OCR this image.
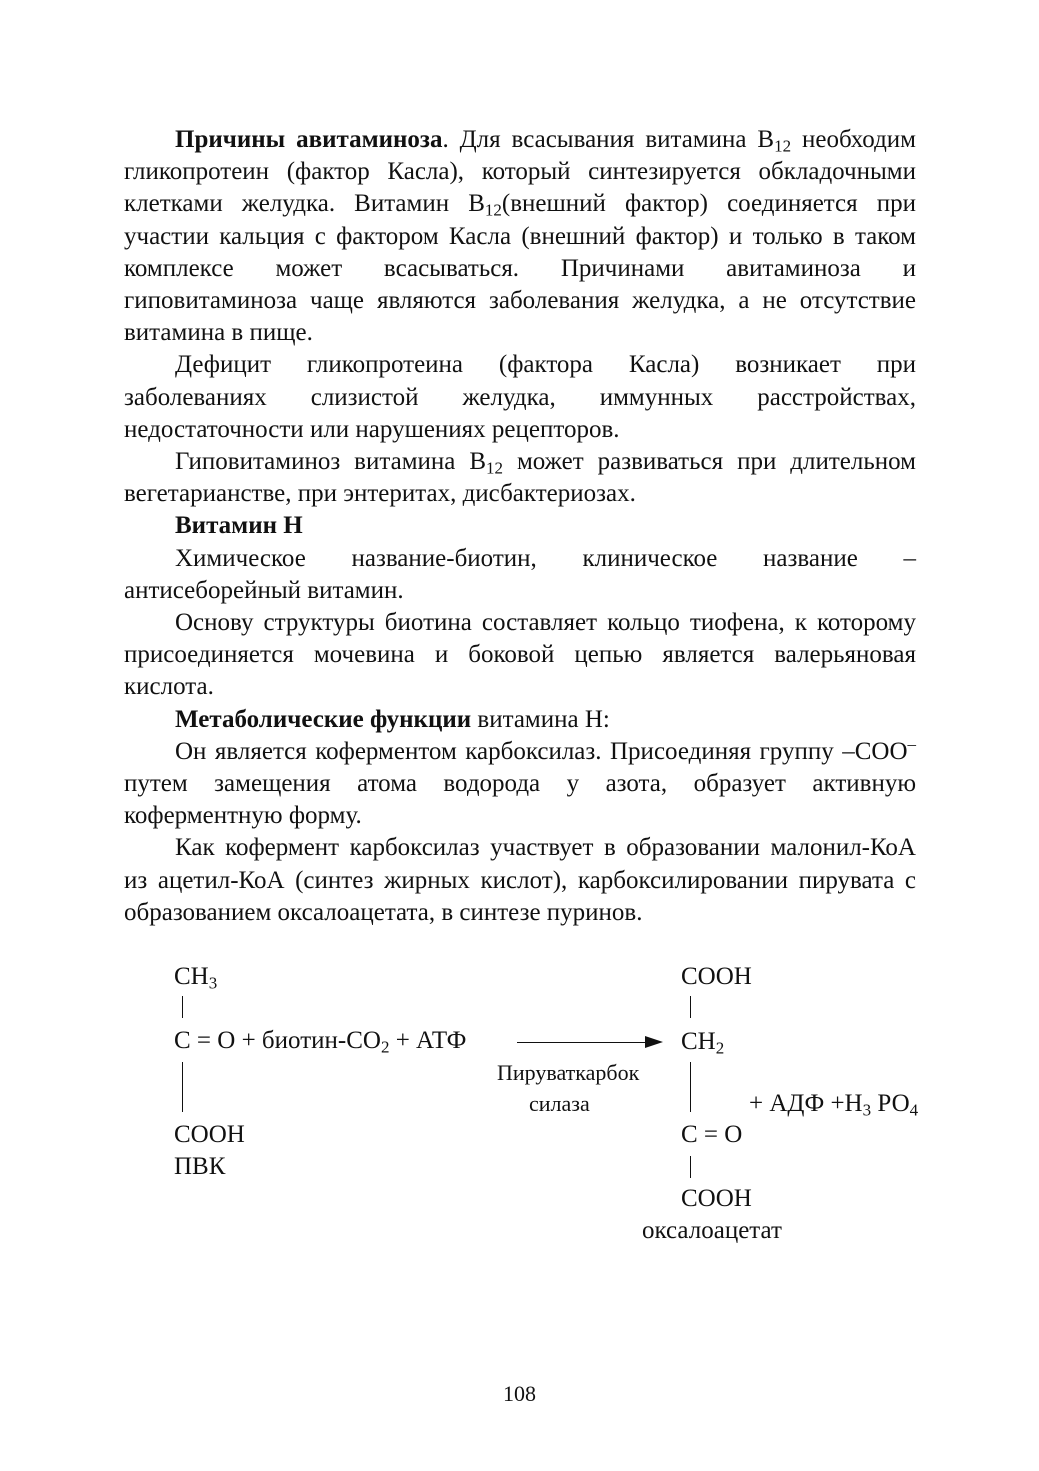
Причины авитаминоза. Для всасывания витамина $В_{12}$ необходим гликопротеин (фактор Касла), который синтезируется обкладочными клетками желудка. Витамин $В_{12}(внешний$ фактор) соединяется при участии кальция с фактором Касла (внешний фактор) и только в таком комплексе может всасываться. Причинами авитаминоза и гиповитаминоза чаще являются заболевания желудка, а не отсутствие витамина в пище.

Дефицит гликопротеина (фактора Касла) возникает при заболеваниях слизистой желудка, иммунных расстройствах, недостаточности или нарушениях рецепторов.

Гиповитаминоз витамина $В_{12}$ может развиваться при длительном вегетарианстве, при энтеритах, дисбактериозах.

Витамин Н

Химическое название-биотин, клиническое название – антисеборейный витамин.

Основу структуры биотина составляет кольцо тиофена, к которому присоединяется мочевина и боковой цепью является валерьяновая кислота.

Метаболические функции витамина Н:

Он является коферментом карбоксилаз. Присоединяя группу –СОО– путем замещения атома водорода у азота, образует активную коферментную форму.

Как кофермент карбоксилаз участвует в образовании малонил-КоА из ацетил-КоА (синтез жирных кислот), карбоксилировании пирувата с образованием оксалоацетата, в синтезе пуринов.

$CH_3$
C = O + биотин-$СО_2$ + АТФ
COOH
ПВК
Пируваткарбок
силаза
COOH
$CH_2$
C = O
COOH
оксалоацетат
+ АДФ $+Н_3$ $РО_4$
108
